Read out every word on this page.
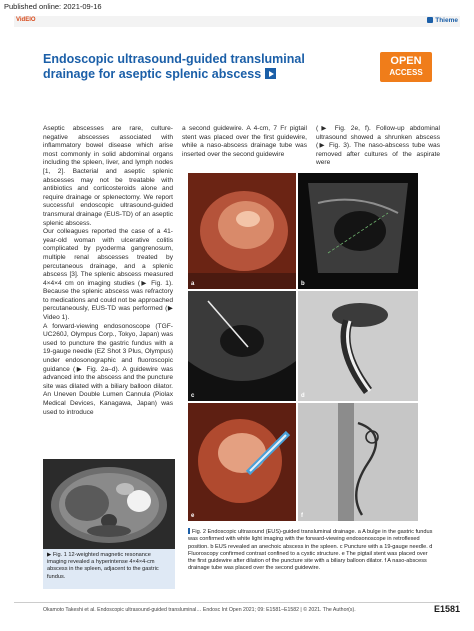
Published online: 2021-09-16
VidEIO	Thieme
Endoscopic ultrasound-guided transluminal drainage for aseptic splenic abscess
OPEN
ACCESS

Aseptic abscesses are rare, culture-negative abscesses associated with inflammatory bowel disease which arise most commonly in solid abdominal organs including the spleen, liver, and lymph nodes [1, 2]. Bacterial and aseptic splenic abscesses may not be treatable with antibiotics and corticosteroids alone and require drainage or splenectomy. We report successful endoscopic ultrasound-guided transmural drainage (EUS-TD) of an aseptic splenic abscess.
Our colleagues reported the case of a 41-year-old woman with ulcerative colitis complicated by pyoderma gangrenosum, multiple renal abscesses treated by percutaneous drainage, and a splenic abscess [3]. The splenic abscess measured 4×4×4 cm on imaging studies (▶ Fig. 1). Because the splenic abscess was refractory to medications and could not be approached percutaneously, EUS-TD was performed (▶ Video 1).
A forward-viewing endosonoscope (TGF-UC260J, Olympus Corp., Tokyo, Japan) was used to puncture the gastric fundus with a 19-gauge needle (EZ Shot 3 Plus, Olympus) under endosonographic and fluoroscopic guidance (▶ Fig. 2a–d). A guidewire was advanced into the abscess and the puncture site was dilated with a biliary balloon dilator. An Uneven Double Lumen Cannula (Piolax Medical Devices, Kanagawa, Japan) was used to introduce

a second guidewire. A 4-cm, 7 Fr pigtail stent was placed over the first guidewire, while a naso-abscess drainage tube was inserted over the second guidewire

(▶ Fig. 2e, f). Follow-up abdominal ultrasound showed a shrunken abscess (▶ Fig. 3). The naso-abscess tube was removed after cultures of the aspirate were

▶ Fig. 1 12-weighted magnetic resonance imaging revealed a hyperintense 4×4×4-cm abscess in the spleen, adjacent to the gastric fundus.
a	b
c	d
e	f
Fig. 2 Endoscopic ultrasound (EUS)-guided transluminal drainage. a A bulge in the gastric fundus was confirmed with white light imaging with the forward-viewing endosonoscope in retroflexed position. b EUS revealed an anechoic abscess in the spleen. c Puncture with a 19-gauge needle. d Fluoroscopy confirmed contrast confined to a cystic structure. e The pigtail stent was placed over the first guidewire after dilation of the puncture site with a biliary balloon dilator. f A naso-abscess drainage tube was placed over the second guidewire.
Okamoto Takeshi et al. Endoscopic ultrasound-guided transluminal… Endosc Int Open 2021; 09: E1581–E1582 | © 2021. The Author(s).	E1581
